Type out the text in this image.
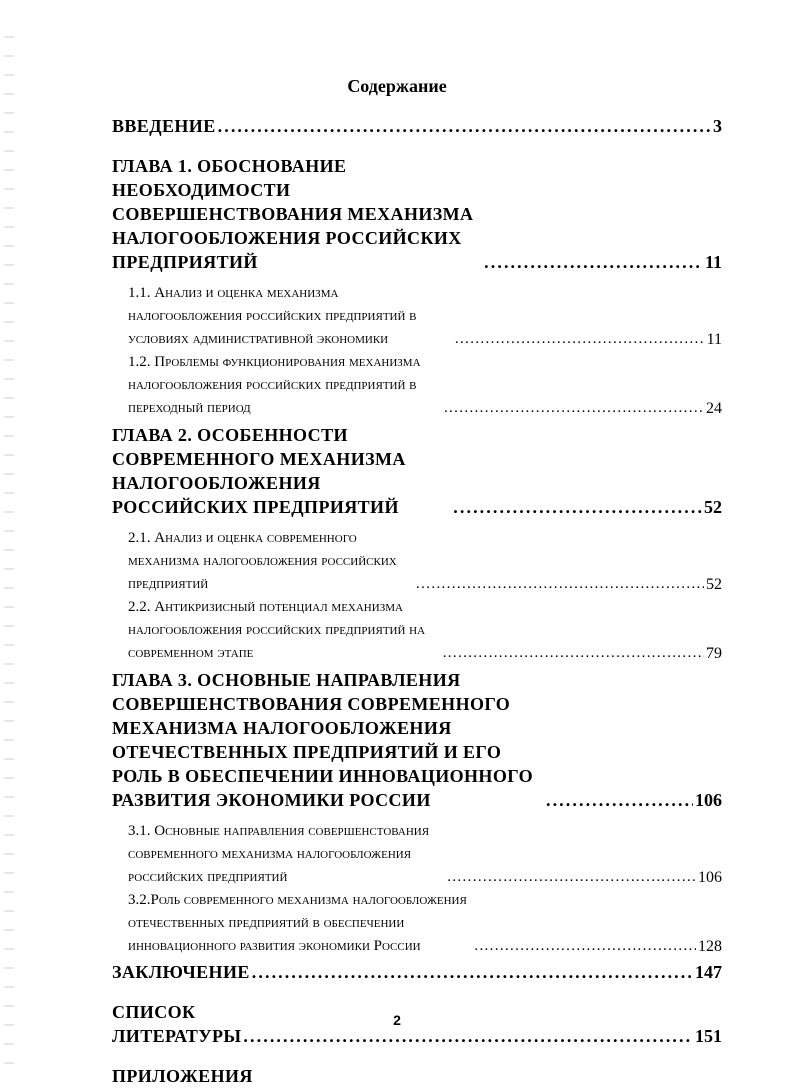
Содержание
ВВЕДЕНИЕ . . .	3
ГЛАВА 1. ОБОСНОВАНИЕ НЕОБХОДИМОСТИ СОВЕРШЕНСТВОВАНИЯ МЕХАНИЗМА НАЛОГООБЛОЖЕНИЯ РОССИЙСКИХ ПРЕДПРИЯТИЙ . . .	11
1.1. Анализ и оценка механизма налогообложения российских предприятий в условиях административной экономики . . .	11
1.2. Проблемы функционирования механизма налогообложения российских предприятий в переходный период . . .	24
ГЛАВА 2. ОСОБЕННОСТИ СОВРЕМЕННОГО МЕХАНИЗМА НАЛОГООБЛОЖЕНИЯ РОССИЙСКИХ ПРЕДПРИЯТИЙ . . .	52
2.1. Анализ и оценка современного механизма налогообложения российских предприятий . . .	52
2.2. Антикризисный потенциал механизма налогообложения российских предприятий на современном этапе . . .	79
ГЛАВА 3. ОСНОВНЫЕ НАПРАВЛЕНИЯ СОВЕРШЕНСТВОВАНИЯ СОВРЕМЕННОГО МЕХАНИЗМА НАЛОГООБЛОЖЕНИЯ ОТЕЧЕСТВЕННЫХ ПРЕДПРИЯТИЙ И ЕГО РОЛЬ В ОБЕСПЕЧЕНИИ ИННОВАЦИОННОГО РАЗВИТИЯ ЭКОНОМИКИ РОССИИ . . .	106
3.1. Основные направления совершенстования современного механизма налогообложения российских предприятий . . .	106
3.2.Роль современного механизма налогообложения отечественных предприятий в обеспечении инновационного развития экономики России . . .	128
ЗАКЛЮЧЕНИЕ . . .	147
СПИСОК ЛИТЕРАТУРЫ . . .	151
ПРИЛОЖЕНИЯ
2
